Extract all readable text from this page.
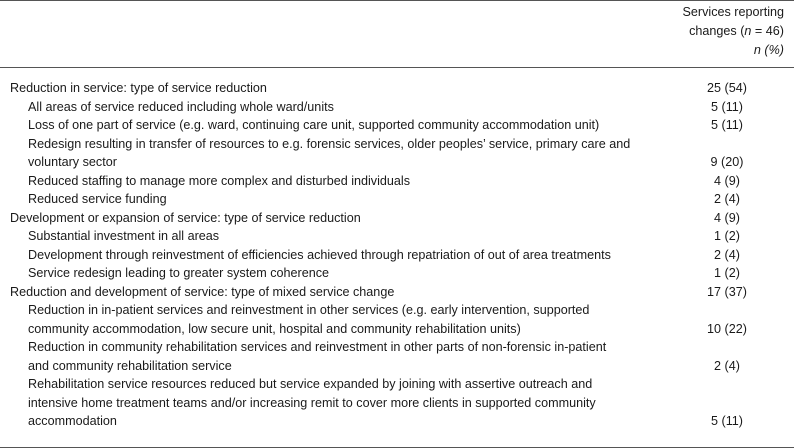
Services reporting
changes (n = 46)
n (%)
Reduction in service: type of service reduction	25 (54)
All areas of service reduced including whole ward/units	5 (11)
Loss of one part of service (e.g. ward, continuing care unit, supported community accommodation unit)	5 (11)
Redesign resulting in transfer of resources to e.g. forensic services, older peoples’ service, primary care and
voluntary sector	9 (20)
Reduced staffing to manage more complex and disturbed individuals	4 (9)
Reduced service funding	2 (4)
Development or expansion of service: type of service reduction	4 (9)
Substantial investment in all areas	1 (2)
Development through reinvestment of efficiencies achieved through repatriation of out of area treatments	2 (4)
Service redesign leading to greater system coherence	1 (2)
Reduction and development of service: type of mixed service change	17 (37)
Reduction in in-patient services and reinvestment in other services (e.g. early intervention, supported
community accommodation, low secure unit, hospital and community rehabilitation units)	10 (22)
Reduction in community rehabilitation services and reinvestment in other parts of non-forensic in-patient
and community rehabilitation service	2 (4)
Rehabilitation service resources reduced but service expanded by joining with assertive outreach and
intensive home treatment teams and/or increasing remit to cover more clients in supported community
accommodation	5 (11)
